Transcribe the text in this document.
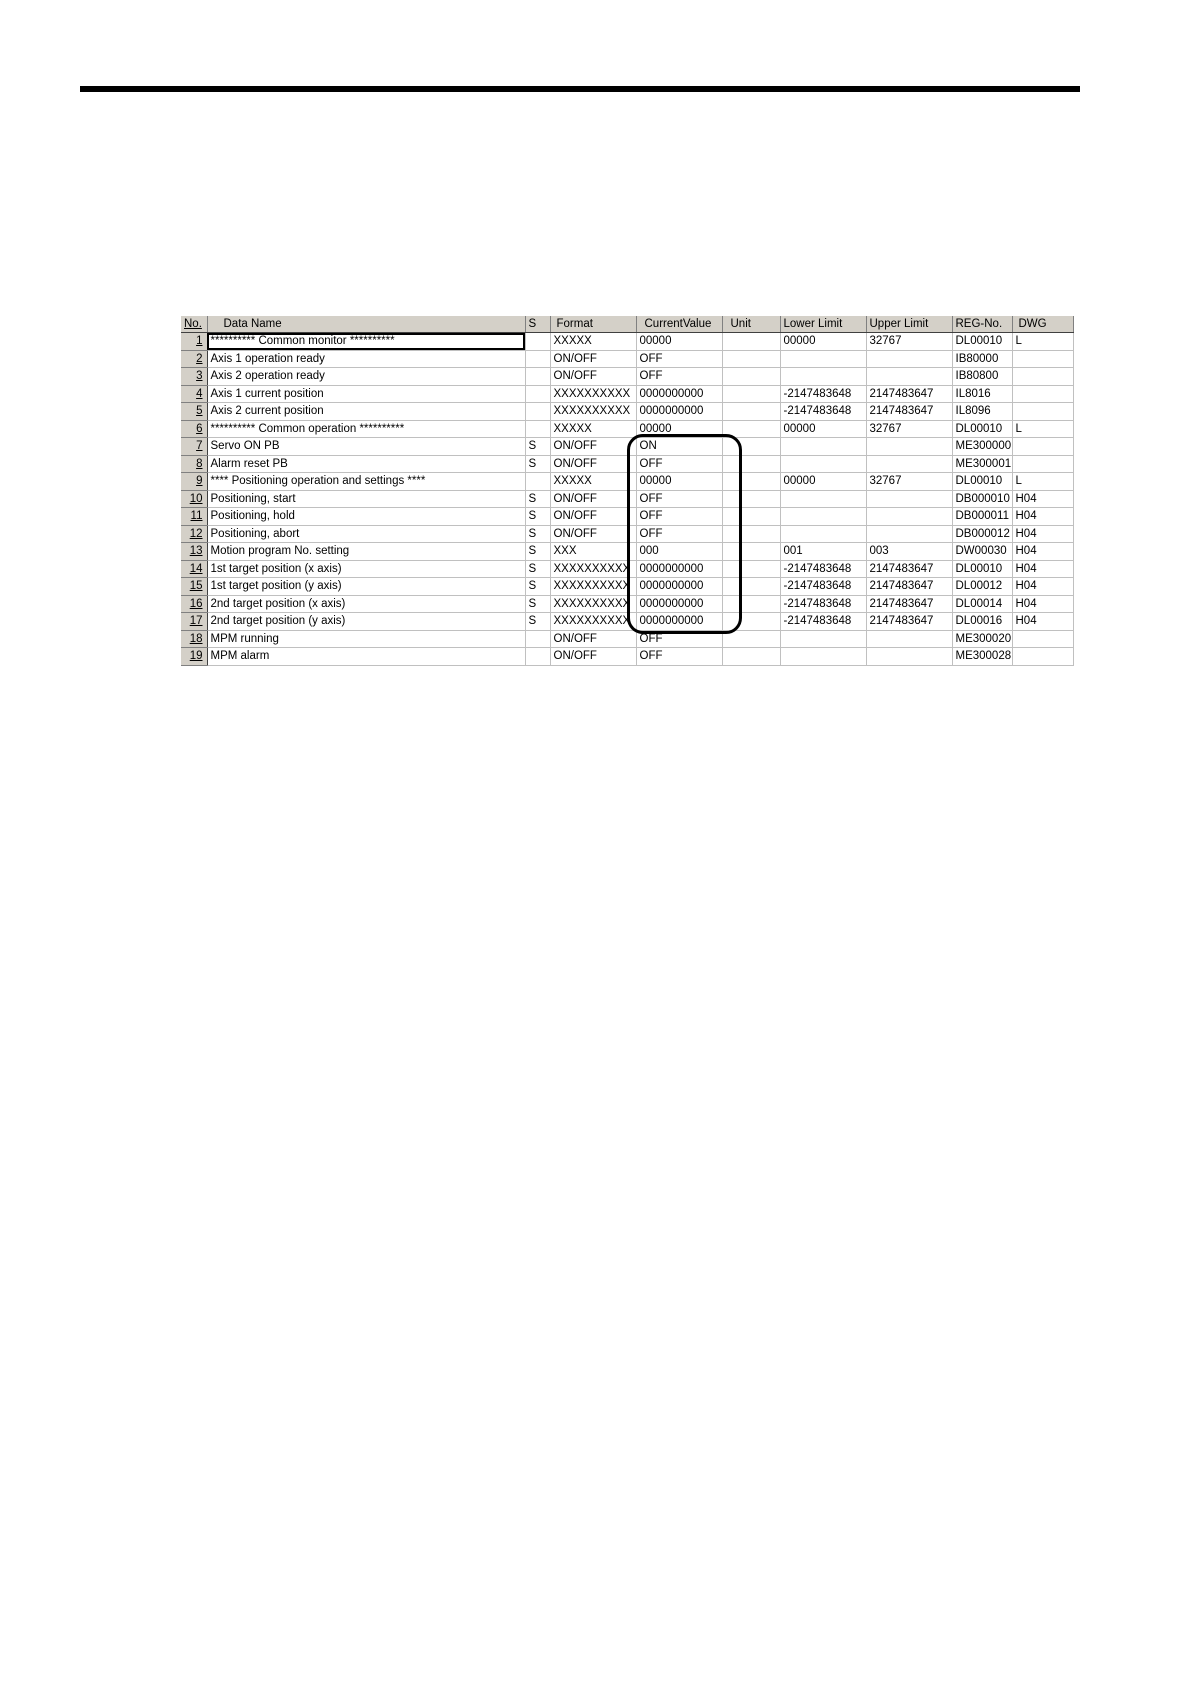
No.	Data Name	S	Format	CurrentValue	Unit	Lower Limit	Upper Limit	REG-No.	DWG
1	********** Common monitor **********		XXXXX	00000		00000	32767	DL00010	L
2	Axis 1 operation ready		ON/OFF	OFF				IB80000	
3	Axis 2 operation ready		ON/OFF	OFF				IB80800	
4	Axis 1 current position		XXXXXXXXXX	0000000000		-2147483648	2147483647	IL8016	
5	Axis 2 current position		XXXXXXXXXX	0000000000		-2147483648	2147483647	IL8096	
6	********** Common operation **********		XXXXX	00000		00000	32767	DL00010	L
7	Servo ON PB	S	ON/OFF	ON				ME300000	
8	Alarm reset PB	S	ON/OFF	OFF				ME300001	
9	**** Positioning operation and settings ****		XXXXX	00000		00000	32767	DL00010	L
10	Positioning, start	S	ON/OFF	OFF				DB000010	H04
11	Positioning, hold	S	ON/OFF	OFF				DB000011	H04
12	Positioning, abort	S	ON/OFF	OFF				DB000012	H04
13	Motion program No. setting	S	XXX	000		001	003	DW00030	H04
14	1st target position (x axis)	S	XXXXXXXXXX	0000000000		-2147483648	2147483647	DL00010	H04
15	1st target position (y axis)	S	XXXXXXXXXX	0000000000		-2147483648	2147483647	DL00012	H04
16	2nd target position (x axis)	S	XXXXXXXXXX	0000000000		-2147483648	2147483647	DL00014	H04
17	2nd target position (y axis)	S	XXXXXXXXXX	0000000000		-2147483648	2147483647	DL00016	H04
18	MPM running		ON/OFF	OFF				ME300020	
19	MPM alarm		ON/OFF	OFF				ME300028	
